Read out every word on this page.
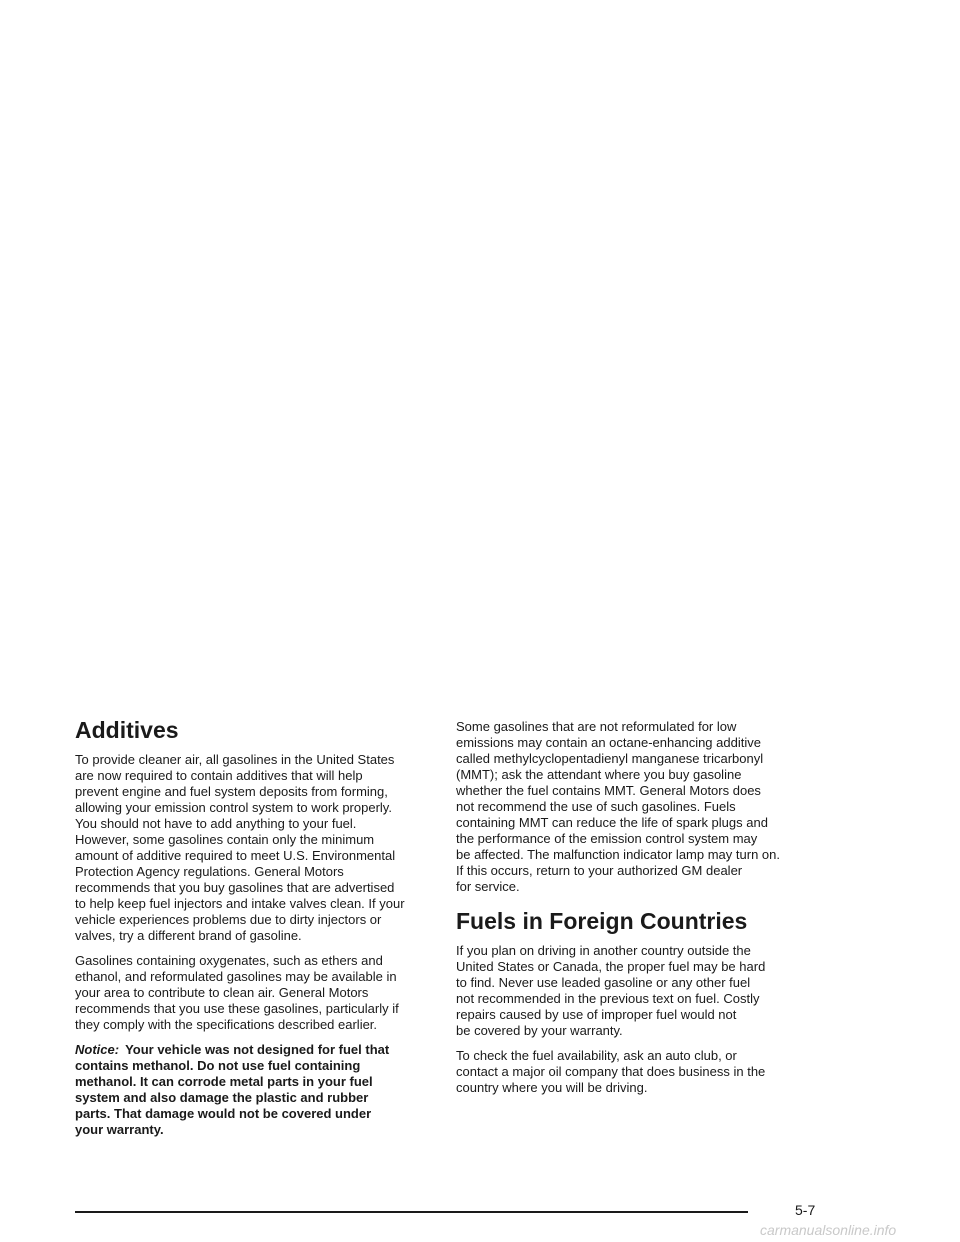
Additives

To provide cleaner air, all gasolines in the United States
are now required to contain additives that will help
prevent engine and fuel system deposits from forming,
allowing your emission control system to work properly.
You should not have to add anything to your fuel.
However, some gasolines contain only the minimum
amount of additive required to meet U.S. Environmental
Protection Agency regulations. General Motors
recommends that you buy gasolines that are advertised
to help keep fuel injectors and intake valves clean. If your
vehicle experiences problems due to dirty injectors or
valves, try a different brand of gasoline.

Gasolines containing oxygenates, such as ethers and
ethanol, and reformulated gasolines may be available in
your area to contribute to clean air. General Motors
recommends that you use these gasolines, particularly if
they comply with the specifications described earlier.

Notice: Your vehicle was not designed for fuel that
contains methanol. Do not use fuel containing
methanol. It can corrode metal parts in your fuel
system and also damage the plastic and rubber
parts. That damage would not be covered under
your warranty.

Some gasolines that are not reformulated for low
emissions may contain an octane-enhancing additive
called methylcyclopentadienyl manganese tricarbonyl
(MMT); ask the attendant where you buy gasoline
whether the fuel contains MMT. General Motors does
not recommend the use of such gasolines. Fuels
containing MMT can reduce the life of spark plugs and
the performance of the emission control system may
be affected. The malfunction indicator lamp may turn on.
If this occurs, return to your authorized GM dealer
for service.

Fuels in Foreign Countries

If you plan on driving in another country outside the
United States or Canada, the proper fuel may be hard
to find. Never use leaded gasoline or any other fuel
not recommended in the previous text on fuel. Costly
repairs caused by use of improper fuel would not
be covered by your warranty.

To check the fuel availability, ask an auto club, or
contact a major oil company that does business in the
country where you will be driving.

5-7
carmanualsonline.info
